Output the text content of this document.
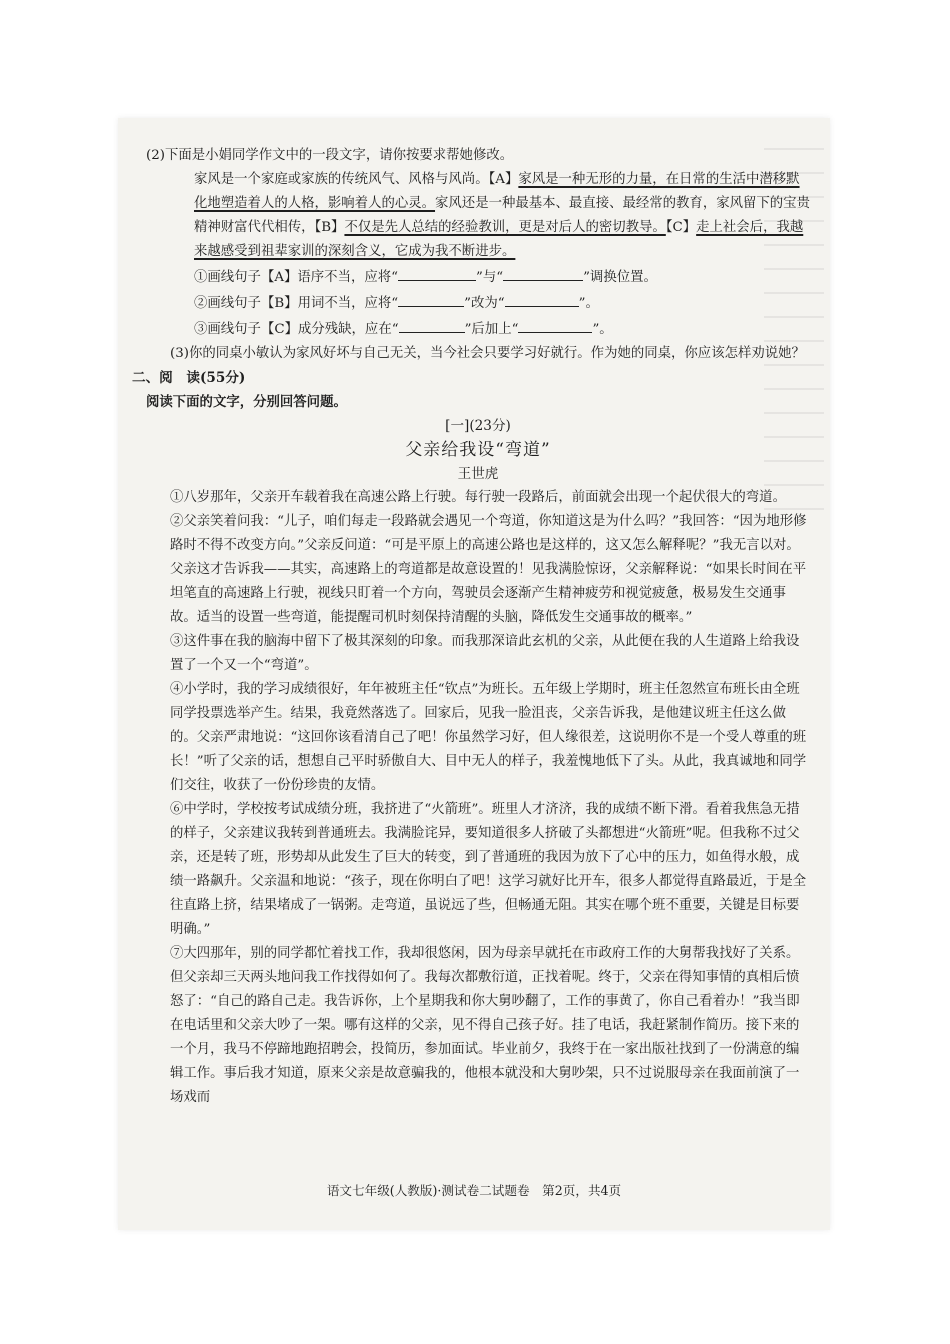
(2)下面是小娟同学作文中的一段文字，请你按要求帮她修改。

家风是一个家庭或家族的传统风气、风格与风尚。【A】家风是一种无形的力量，在日常的生活中潜移默化地塑造着人的人格，影响着人的心灵。家风还是一种最基本、最直接、最经常的教育，家风留下的宝贵精神财富代代相传，【B】不仅是先人总结的经验教训，更是对后人的密切教导。【C】走上社会后，我越来越感受到祖辈家训的深刻含义，它成为我不断进步。

①画线句子【A】语序不当，应将“	”与“	”调换位置。

②画线句子【B】用词不当，应将“	”改为“	”。

③画线句子【C】成分残缺，应在“	”后加上“	”。

(3)你的同桌小敏认为家风好坏与自己无关，当今社会只要学习好就行。作为她的同桌，你应该怎样劝说她？

二、阅　读(55分)

阅读下面的文字，分别回答问题。

[一](23分)

父亲给我设“弯道”

王世虎

①八岁那年，父亲开车载着我在高速公路上行驶。每行驶一段路后，前面就会出现一个起伏很大的弯道。

②父亲笑着问我：“儿子，咱们每走一段路就会遇见一个弯道，你知道这是为什么吗？”我回答：“因为地形修路时不得不改变方向。”父亲反问道：“可是平原上的高速公路也是这样的，这又怎么解释呢？”我无言以对。父亲这才告诉我——其实，高速路上的弯道都是故意设置的！见我满脸惊讶，父亲解释说：“如果长时间在平坦笔直的高速路上行驶，视线只盯着一个方向，驾驶员会逐渐产生精神疲劳和视觉疲惫，极易发生交通事故。适当的设置一些弯道，能提醒司机时刻保持清醒的头脑，降低发生交通事故的概率。”

③这件事在我的脑海中留下了极其深刻的印象。而我那深谙此玄机的父亲，从此便在我的人生道路上给我设置了一个又一个“弯道”。

④小学时，我的学习成绩很好，年年被班主任“钦点”为班长。五年级上学期时，班主任忽然宣布班长由全班同学投票选举产生。结果，我竟然落选了。回家后，见我一脸沮丧，父亲告诉我，是他建议班主任这么做的。父亲严肃地说：“这回你该看清自己了吧！你虽然学习好，但人缘很差，这说明你不是一个受人尊重的班长！”听了父亲的话，想想自己平时骄傲自大、目中无人的样子，我羞愧地低下了头。从此，我真诚地和同学们交往，收获了一份份珍贵的友情。

⑥中学时，学校按考试成绩分班，我挤进了“火箭班”。班里人才济济，我的成绩不断下滑。看着我焦急无措的样子，父亲建议我转到普通班去。我满脸诧异，要知道很多人挤破了头都想进“火箭班”呢。但我称不过父亲，还是转了班，形势却从此发生了巨大的转变，到了普通班的我因为放下了心中的压力，如鱼得水般，成绩一路飙升。父亲温和地说：“孩子，现在你明白了吧！这学习就好比开车，很多人都觉得直路最近，于是全往直路上挤，结果堵成了一锅粥。走弯道，虽说远了些，但畅通无阻。其实在哪个班不重要，关键是目标要明确。”

⑦大四那年，别的同学都忙着找工作，我却很悠闲，因为母亲早就托在市政府工作的大舅帮我找好了关系。但父亲却三天两头地问我工作找得如何了。我每次都敷衍道，正找着呢。终于，父亲在得知事情的真相后愤怒了：“自己的路自己走。我告诉你，上个星期我和你大舅吵翻了，工作的事黄了，你自己看着办！”我当即在电话里和父亲大吵了一架。哪有这样的父亲，见不得自己孩子好。挂了电话，我赶紧制作简历。接下来的一个月，我马不停蹄地跑招聘会，投简历，参加面试。毕业前夕，我终于在一家出版社找到了一份满意的编辑工作。事后我才知道，原来父亲是故意骗我的，他根本就没和大舅吵架，只不过说服母亲在我面前演了一场戏而

语文七年级(人教版)·测试卷二试题卷　第2页，共4页
